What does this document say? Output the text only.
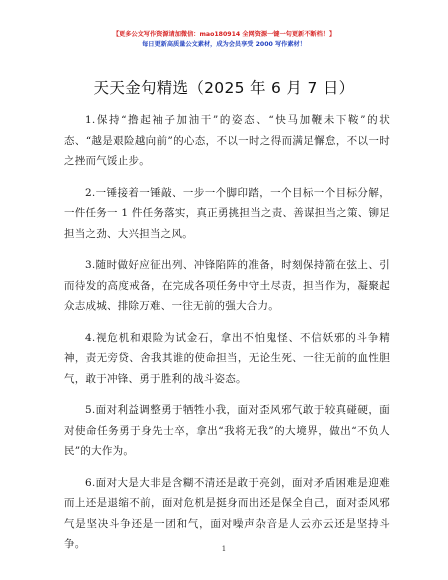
【更多公文写作资源请加微信：mao180914 全网资源一键一句更新不断档！】
每日更新高质量公文素材，成为会员享受 2000 写作素材！
天天金句精选（2025 年 6 月 7 日）

1.保持“撸起袖子加油干”的姿态、“快马加鞭未下鞍”的状态、“越是艰险越向前”的心态，不以一时之得而满足懈怠，不以一时之挫而气馁止步。

2.一锤接着一锤敲、一步一个脚印踏，一个目标一个目标分解，一件任务一 1 件任务落实，真正勇挑担当之责、善谋担当之策、铆足担当之劲、大兴担当之风。

3.随时做好应征出列、冲锋陷阵的准备，时刻保持箭在弦上、引而待发的高度戒备，在完成各项任务中守土尽责，担当作为，凝聚起众志成城、排除万难、一往无前的强大合力。

4.视危机和艰险为试金石，拿出不怕鬼怪、不信妖邪的斗争精神，责无旁贷、舍我其谁的使命担当，无论生死、一往无前的血性胆气，敢于冲锋、勇于胜利的战斗姿态。

5.面对利益调整勇于牺牲小我，面对歪风邪气敢于较真碰硬，面对使命任务勇于身先士卒，拿出“我将无我”的大境界，做出“不负人民”的大作为。

6.面对大是大非是含糊不清还是敢于亮剑，面对矛盾困难是迎难而上还是退缩不前，面对危机是挺身而出还是保全自己，面对歪风邪气是坚决斗争还是一团和气，面对噪声杂音是人云亦云还是坚持斗争。	1
